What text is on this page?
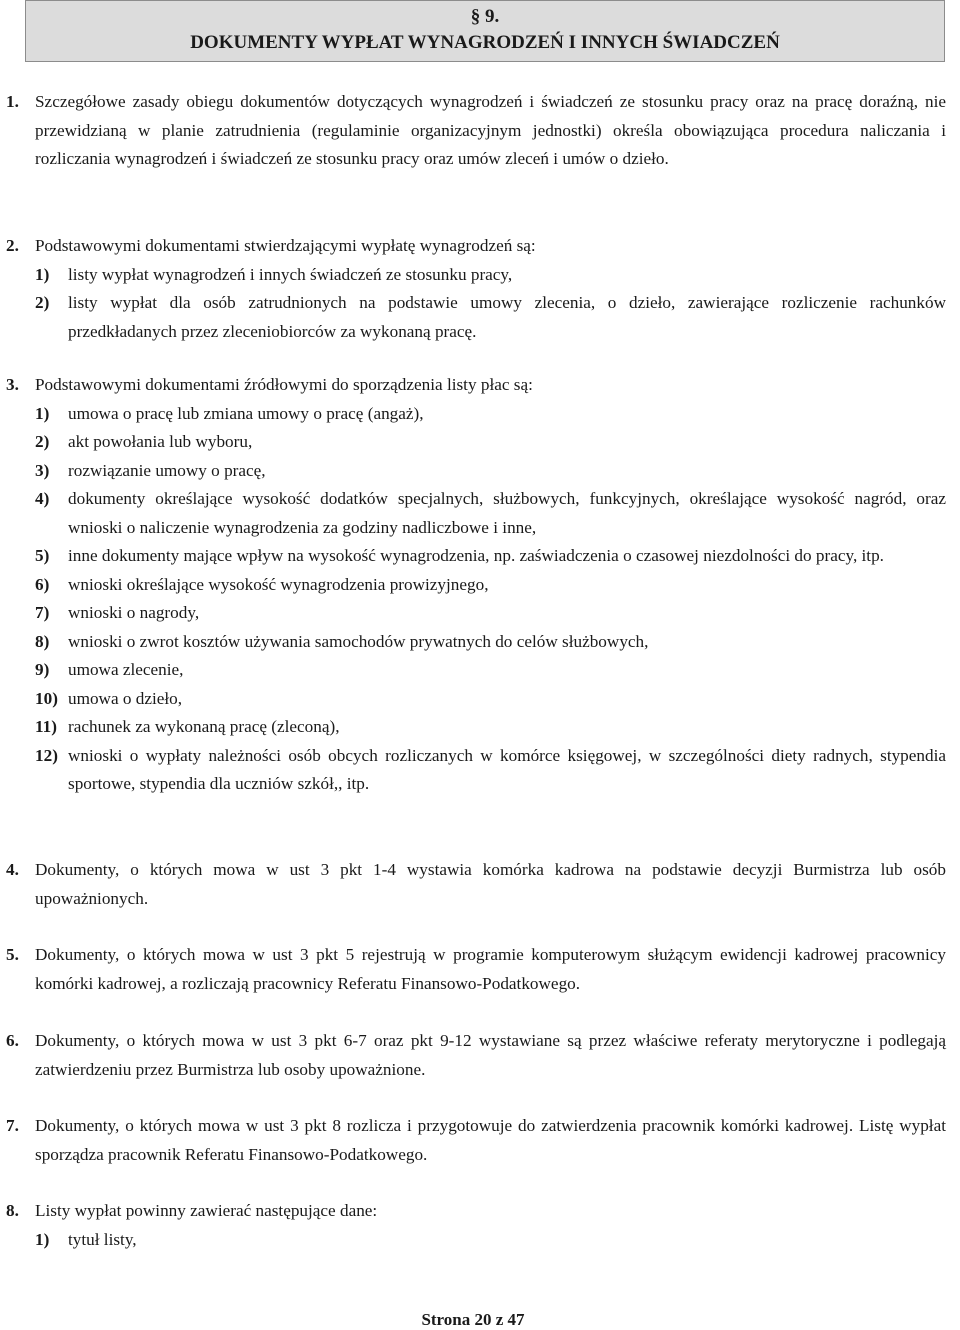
§ 9.
DOKUMENTY WYPŁAT WYNAGRODZEŃ I INNYCH ŚWIADCZEŃ
1. Szczegółowe zasady obiegu dokumentów dotyczących wynagrodzeń i świadczeń ze stosunku pracy oraz na pracę doraźną, nie przewidzianą w planie zatrudnienia (regulaminie organizacyjnym jednostki) określa obowiązująca procedura naliczania i rozliczania wynagrodzeń i świadczeń ze stosunku pracy oraz umów zleceń i umów o dzieło.
2. Podstawowymi dokumentami stwierdzającymi wypłatę wynagrodzeń są:
1) listy wypłat wynagrodzeń i innych świadczeń ze stosunku pracy,
2) listy wypłat dla osób zatrudnionych na podstawie umowy zlecenia, o dzieło, zawierające rozliczenie rachunków przedkładanych przez zleceniobiorców za wykonaną pracę.
3. Podstawowymi dokumentami źródłowymi do sporządzenia listy płac są:
1) umowa o pracę lub zmiana umowy o pracę (angaż),
2) akt powołania lub wyboru,
3) rozwiązanie umowy o pracę,
4) dokumenty określające wysokość dodatków specjalnych, służbowych, funkcyjnych, określające wysokość nagród, oraz wnioski o naliczenie wynagrodzenia za godziny nadliczbowe i inne,
5) inne dokumenty mające wpływ na wysokość wynagrodzenia, np. zaświadczenia o czasowej niezdolności do pracy, itp.
6) wnioski określające wysokość wynagrodzenia prowizyjnego,
7) wnioski o nagrody,
8) wnioski o zwrot kosztów używania samochodów prywatnych do celów służbowych,
9) umowa zlecenie,
10) umowa o dzieło,
11) rachunek za wykonaną pracę (zleconą),
12) wnioski o wypłaty należności osób obcych rozliczanych w komórce księgowej, w szczególności diety radnych, stypendia sportowe, stypendia dla uczniów szkół,, itp.
4. Dokumenty, o których mowa w ust 3 pkt 1-4 wystawia komórka kadrowa na podstawie decyzji Burmistrza lub osób upoważnionych.
5. Dokumenty, o których mowa w ust 3 pkt 5 rejestrują w programie komputerowym służącym ewidencji kadrowej pracownicy komórki kadrowej, a rozliczają pracownicy Referatu Finansowo-Podatkowego.
6. Dokumenty, o których mowa w ust 3 pkt 6-7 oraz pkt 9-12 wystawiane są przez właściwe referaty merytoryczne i podlegają zatwierdzeniu przez Burmistrza lub osoby upoważnione.
7. Dokumenty, o których mowa w ust 3 pkt 8 rozlicza i przygotowuje do zatwierdzenia pracownik komórki kadrowej. Listę wypłat sporządza pracownik Referatu Finansowo-Podatkowego.
8. Listy wypłat powinny zawierać następujące dane:
1) tytuł listy,
Strona 20 z 47
